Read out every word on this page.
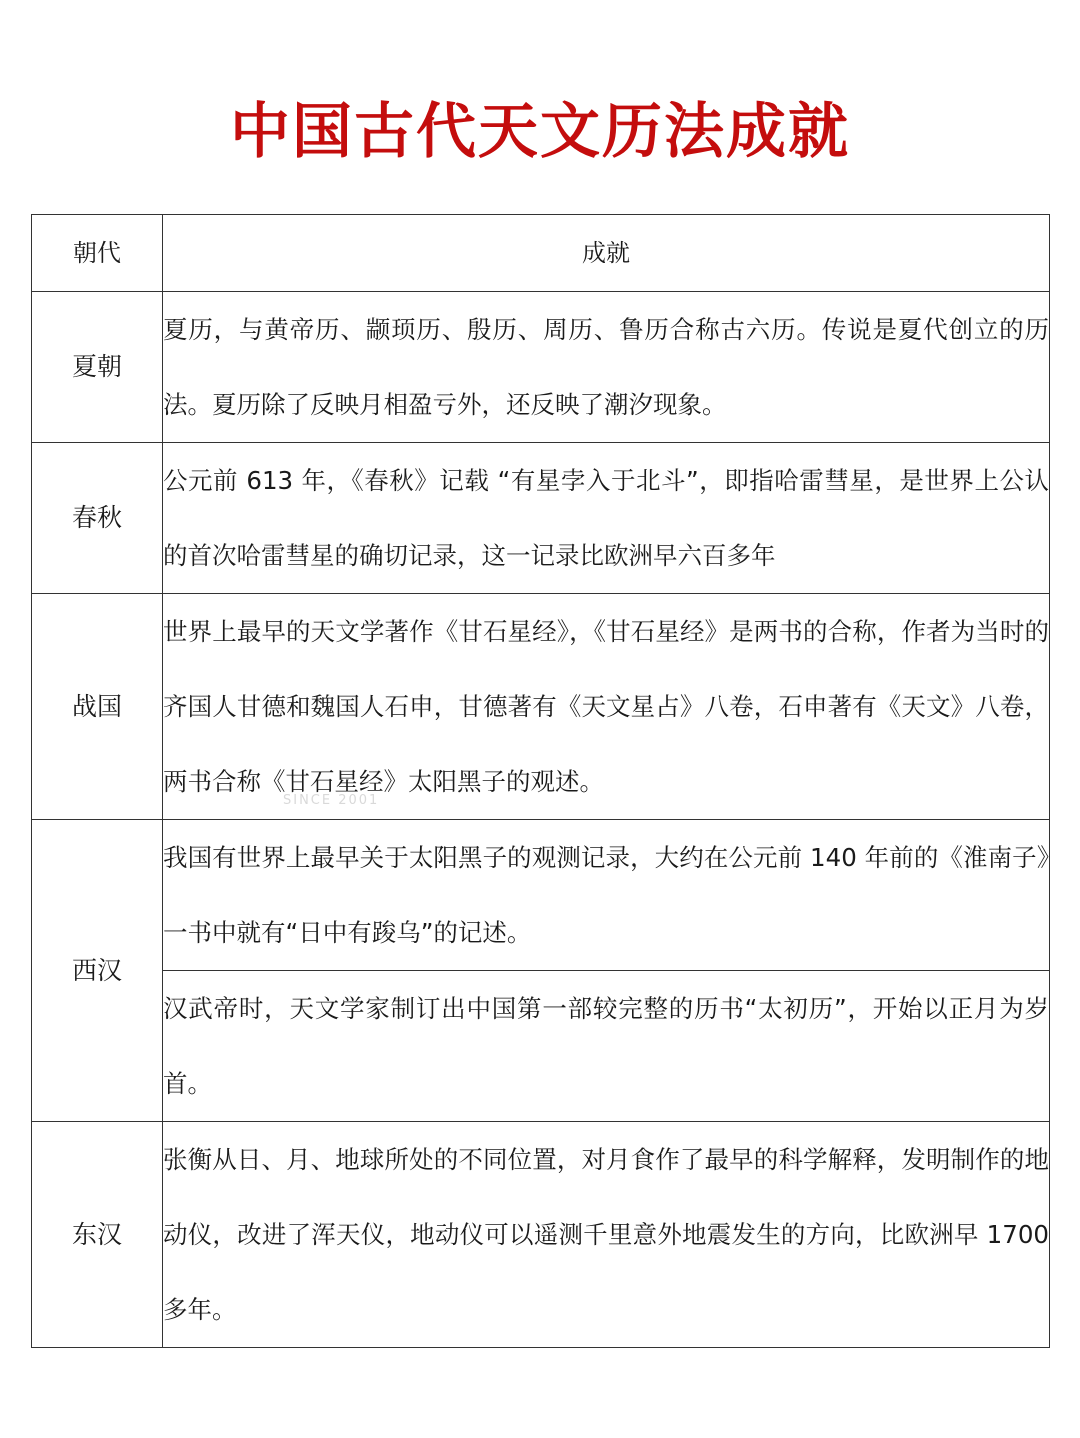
中国古代天文历法成就
朝代	成就
夏朝	夏历，与黄帝历、颛顼历、殷历、周历、鲁历合称古六历。传说是夏代创立的历法。夏历除了反映月相盈亏外，还反映了潮汐现象。
春秋	公元前 613 年，《春秋》记载 “有星孛入于北斗”，即指哈雷彗星，是世界上公认的首次哈雷彗星的确切记录，这一记录比欧洲早六百多年
战国	世界上最早的天文学著作《甘石星经》，《甘石星经》是两书的合称，作者为当时的齐国人甘德和魏国人石申，甘德著有《天文星占》八卷，石申著有《天文》八卷，两书合称《甘石星经》太阳黑子的观述。
西汉	我国有世界上最早关于太阳黑子的观测记录，大约在公元前 140 年前的《淮南子》一书中就有“日中有踆乌”的记述。
	汉武帝时，天文学家制订出中国第一部较完整的历书“太初历”，开始以正月为岁首。
东汉	张衡从日、月、地球所处的不同位置，对月食作了最早的科学解释，发明制作的地动仪，改进了浑天仪，地动仪可以遥测千里意外地震发生的方向，比欧洲早 1700 多年。
SINCE 2001
